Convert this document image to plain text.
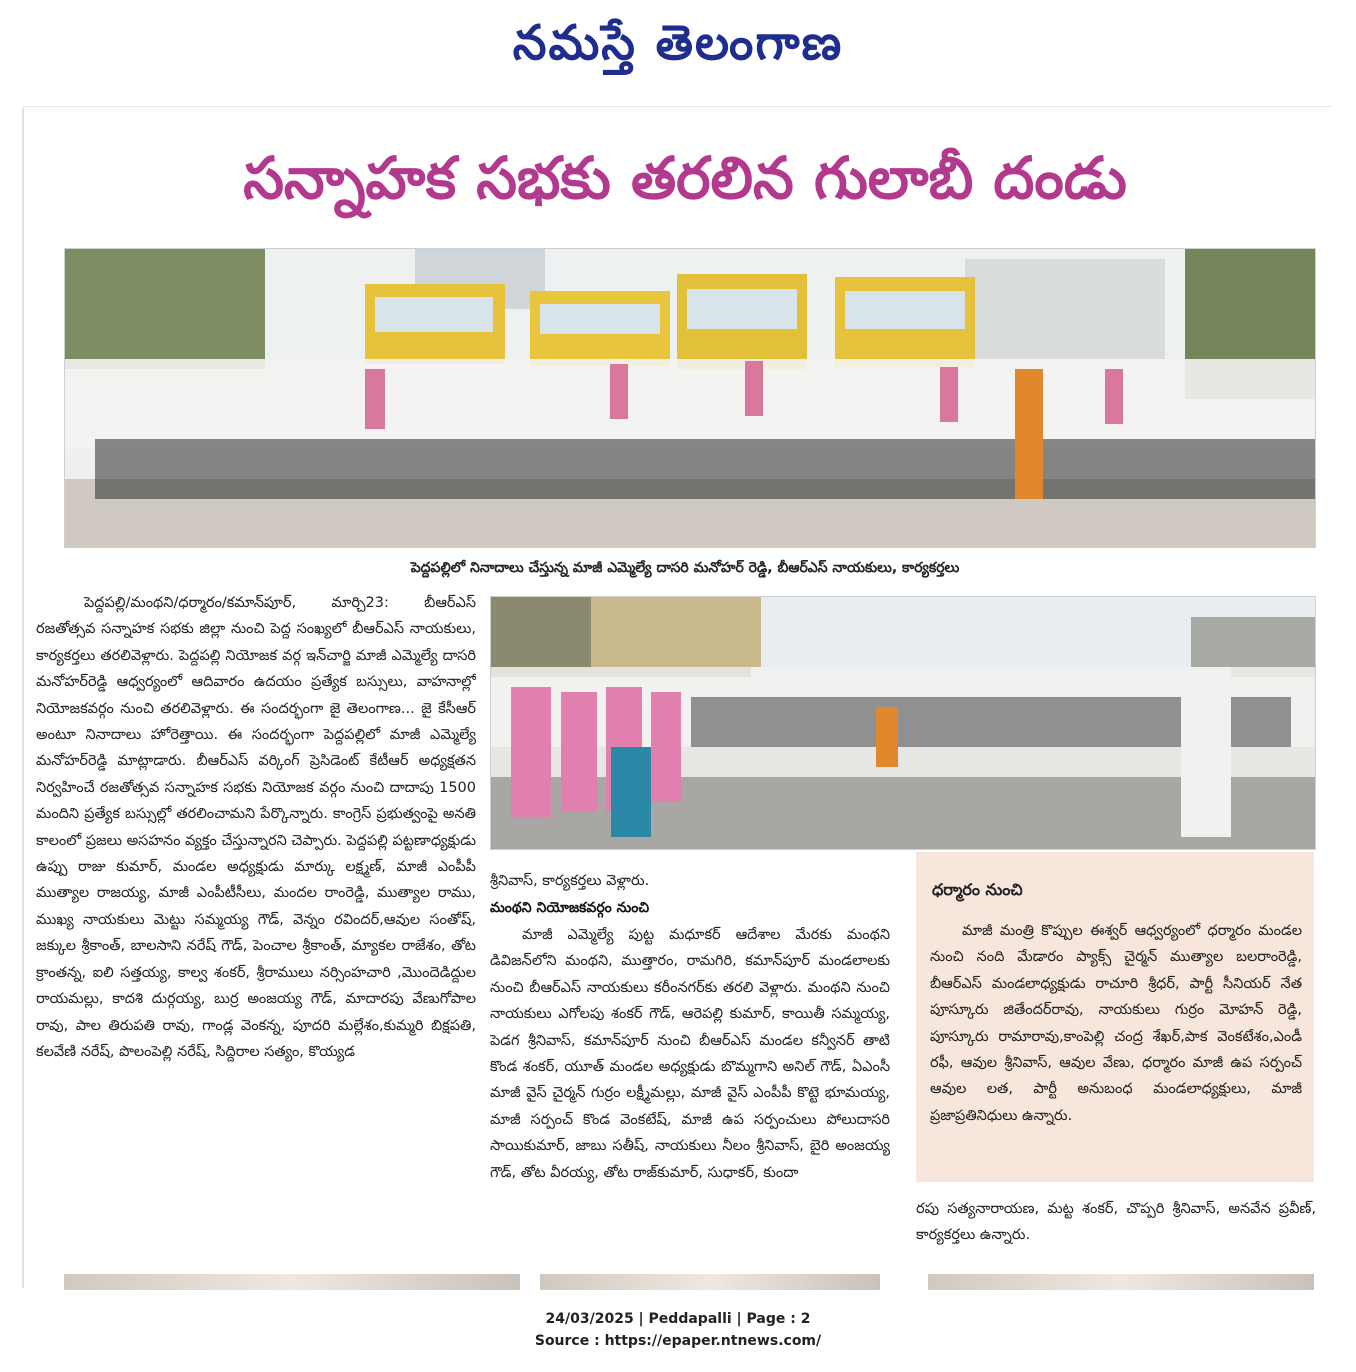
నమస్తే తెలంగాణ
సన్నాహక సభకు తరలిన గులాబీ దండు
పెద్దపల్లిలో నినాదాలు చేస్తున్న మాజీ ఎమ్మెల్యే దాసరి మనోహర్ రెడ్డి, బీఆర్ఎస్ నాయకులు, కార్యకర్తలు
పెద్దపల్లి/మంథని/ధర్మారం/కమాన్‌పూర్, మార్చి23: బీఆర్ఎస్ రజతోత్సవ సన్నాహక సభకు జిల్లా నుంచి పెద్ద సంఖ్యలో బీఆర్ఎస్ నాయకులు, కార్యకర్తలు తరలివెళ్లారు. పెద్దపల్లి నియోజక వర్గ ఇన్‌చార్జి మాజీ ఎమ్మెల్యే దాసరి మనోహర్‌రెడ్డి ఆధ్వర్యంలో ఆదివారం ఉదయం ప్రత్యేక బస్సులు, వాహనాల్లో నియోజకవర్గం నుంచి తరలివెళ్లారు. ఈ సందర్భంగా జై తెలంగాణ... జై కేసీఆర్ అంటూ నినాదాలు హోరెత్తాయి. ఈ సందర్భంగా పెద్దపల్లిలో మాజీ ఎమ్మెల్యే మనోహర్‌రెడ్డి మాట్లాడారు. బీఆర్ఎస్ వర్కింగ్ ప్రెసిడెంట్ కేటీఆర్ అధ్యక్షతన నిర్వహించే రజతోత్సవ సన్నాహక సభకు నియోజక వర్గం నుంచి దాదాపు 1500 మందిని ప్రత్యేక బస్సుల్లో తరలించామని పేర్కొన్నారు. కాంగ్రెస్ ప్రభుత్వంపై అనతి కాలంలో ప్రజలు అసహనం వ్యక్తం చేస్తున్నారని చెప్పారు. పెద్దపల్లి పట్టణాధ్యక్షుడు ఉప్పు రాజు కుమార్, మండల అధ్యక్షుడు మార్కు లక్ష్మణ్, మాజీ ఎంపీపీ ముత్యాల రాజయ్య, మాజీ ఎంపీటీసీలు, మందల రాంరెడ్డి, ముత్యాల రాము, ముఖ్య నాయకులు మెట్టు సమ్మయ్య గౌడ్, వెన్నం రవిందర్,ఆవుల సంతోష్, జక్కుల శ్రీకాంత్, బాలసాని నరేష్ గౌడ్, పెంచాల శ్రీకాంత్, మ్యాకల రాజేశం, తోట క్రాంతన్న, ఐలి సత్తయ్య, కాల్వ శంకర్, శ్రీరాములు నర్సింహచారి ,మొందెడిద్దుల రాయమల్లు, కాదశి దుర్గయ్య, బుర్ర అంజయ్య గౌడ్, మాదారపు వేణుగోపాల రావు, పాల తిరుపతి రావు, గాండ్ల వెంకన్న, పూదరి మల్లేశం,కుమ్మరి బిక్షపతి, కలవేణి నరేష్, పొలంపెల్లి నరేష్, సిద్దిరాల సత్యం, కొయ్యడ
శ్రీనివాస్, కార్యకర్తలు వెళ్లారు.
మంథని నియోజకవర్గం నుంచి
మాజీ ఎమ్మెల్యే పుట్ట మధూకర్ ఆదేశాల మేరకు మంథని డివిజన్‌లోని మంథని, ముత్తారం, రామగిరి, కమాన్‌పూర్ మండలాలకు నుంచి బీఆర్ఎస్ నాయకులు కరీంనగర్‌కు తరలి వెళ్లారు. మంథని నుంచి నాయకులు ఎగోలపు శంకర్ గౌడ్, ఆరెపల్లి కుమార్, కాయితీ సమ్మయ్య, పెడగ శ్రీనివాస్, కమాన్‌పూర్ నుంచి బీఆర్ఎస్ మండల కన్వీనర్ తాటి కొండ శంకర్, యూత్ మండల అధ్యక్షుడు బొమ్మగాని అనిల్ గౌడ్, ఏఎంసీ మాజీ వైస్ చైర్మన్ గుర్రం లక్ష్మీమల్లు, మాజీ వైస్ ఎంపీపీ కొట్టె భూమయ్య, మాజీ సర్పంచ్ కొండ వెంకటేష్, మాజీ ఉప సర్పంచులు పోలుదాసరి సాయికుమార్, జాబు సతీష్, నాయకులు నీలం శ్రీనివాస్, బైరి అంజయ్య గౌడ్, తోట వీరయ్య, తోట రాజ్‌కుమార్, సుధాకర్, కుందా
ధర్మారం నుంచి
మాజీ మంత్రి కొప్పుల ఈశ్వర్ ఆధ్వర్యంలో ధర్మారం మండల నుంచి నంది మేడారం ప్యాక్స్ చైర్మన్ ముత్యాల బలరాంరెడ్డి, బీఆర్ఎస్ మండలాధ్యక్షుడు రాచూరి శ్రీధర్, పార్టీ సీనియర్ నేత పూస్కూరు జితేందర్‌రావు, నాయకులు గుర్రం మోహన్ రెడ్డి, పూస్కూరు రామారావు,కాంపెల్లి చంద్ర శేఖర్,పాక వెంకటేశం,ఎండీ రఫీ, ఆవుల శ్రీనివాస్, ఆవుల వేణు, ధర్మారం మాజీ ఉప సర్పంచ్ ఆవుల లత, పార్టీ అనుబంధ మండలాధ్యక్షులు, మాజీ ప్రజాప్రతినిధులు ఉన్నారు.
రపు సత్యనారాయణ, మట్ట శంకర్, చొప్పరి శ్రీనివాస్, అనవేన ప్రవీణ్, కార్యకర్తలు ఉన్నారు.
24/03/2025 | Peddapalli | Page : 2
Source : https://epaper.ntnews.com/
